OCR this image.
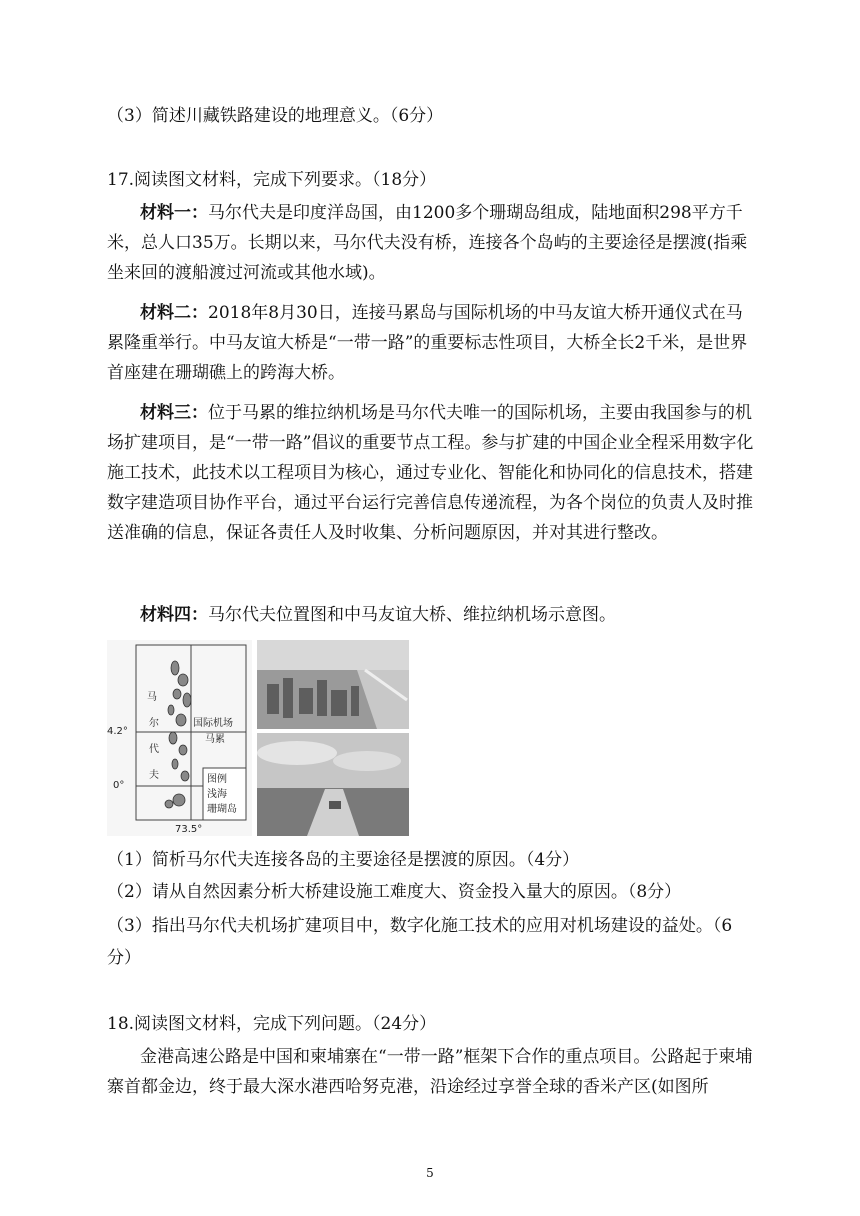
（3）简述川藏铁路建设的地理意义。（6分）
17.阅读图文材料，完成下列要求。（18分）
材料一：马尔代夫是印度洋岛国，由1200多个珊瑚岛组成，陆地面积298平方千米，总人口35万。长期以来，马尔代夫没有桥，连接各个岛屿的主要途径是摆渡(指乘坐来回的渡船渡过河流或其他水域)。
材料二：2018年8月30日，连接马累岛与国际机场的中马友谊大桥开通仪式在马累隆重举行。中马友谊大桥是“一带一路”的重要标志性项目，大桥全长2千米，是世界首座建在珊瑚礁上的跨海大桥。
材料三：位于马累的维拉纳机场是马尔代夫唯一的国际机场，主要由我国参与的机场扩建项目，是“一带一路”倡议的重要节点工程。参与扩建的中国企业全程采用数字化施工技术，此技术以工程项目为核心，通过专业化、智能化和协同化的信息技术，搭建数字建造项目协作平台，通过平台运行完善信息传递流程，为各个岗位的负责人及时推送准确的信息，保证各责任人及时收集、分析问题原因，并对其进行整改。
材料四：马尔代夫位置图和中马友谊大桥、维拉纳机场示意图。
4.2°
0°
73.5°
马
尔
代
夫
国际机场
马累
图例
浅海
珊瑚岛
（1）简析马尔代夫连接各岛的主要途径是摆渡的原因。（4分）
（2）请从自然因素分析大桥建设施工难度大、资金投入量大的原因。（8分）
（3）指出马尔代夫机场扩建项目中，数字化施工技术的应用对机场建设的益处。（6
分）
18.阅读图文材料，完成下列问题。（24分）
金港高速公路是中国和柬埔寨在“一带一路”框架下合作的重点项目。公路起于柬埔寨首都金边，终于最大深水港西哈努克港，沿途经过享誉全球的香米产区(如图所
5
